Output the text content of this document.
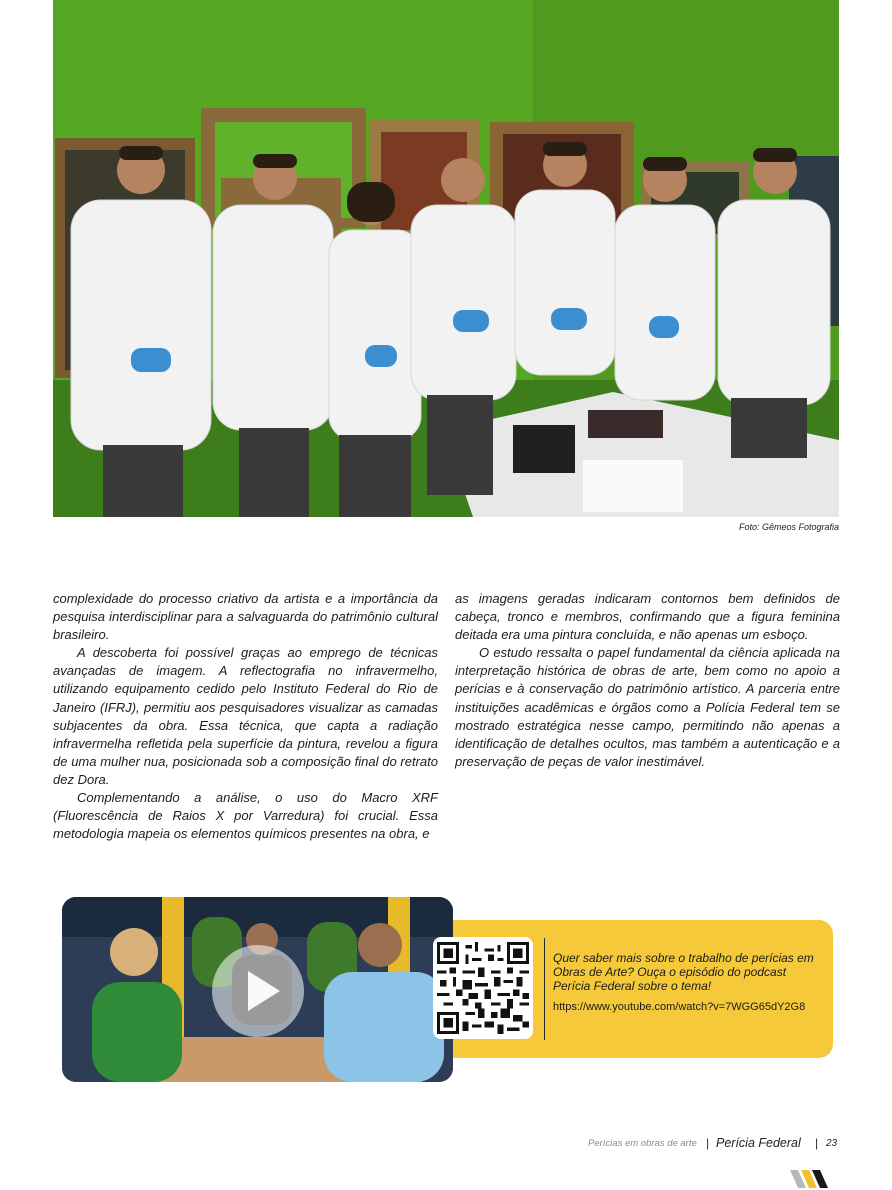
Foto: Gêmeos Fotografia

complexidade do processo criativo da artista e a importância da pesquisa interdisciplinar para a salvaguarda do patrimônio cultural brasileiro.

A descoberta foi possível graças ao emprego de técnicas avançadas de imagem. A reflectografia no infravermelho, utilizando equipamento cedido pelo Instituto Federal do Rio de Janeiro (IFRJ), permitiu aos pesquisadores visualizar as camadas subjacentes da obra. Essa técnica, que capta a radiação infravermelha refletida pela superfície da pintura, revelou a figura de uma mulher nua, posicionada sob a composição final do retrato dez Dora.

Complementando a análise, o uso do Macro XRF (Fluorescência de Raios X por Varredura) foi crucial. Essa metodologia mapeia os elementos químicos presentes na obra, e

as imagens geradas indicaram contornos bem definidos de cabeça, tronco e membros, confirmando que a figura feminina deitada era uma pintura concluída, e não apenas um esboço.

O estudo ressalta o papel fundamental da ciência aplicada na interpretação histórica de obras de arte, bem como no apoio a perícias e à conservação do patrimônio artístico. A parceria entre instituições acadêmicas e órgãos como a Polícia Federal tem se mostrado estratégica nesse campo, permitindo não apenas a identificação de detalhes ocultos, mas também a autenticação e a preservação de peças de valor inestimável.

Quer saber mais sobre o trabalho de perícias em Obras de Arte? Ouça o episódio do podcast Perícia Federal sobre o tema!
https://www.youtube.com/watch?v=7WGG65dY2G8
Perícias em obras de arte | Perícia Federal | 23
